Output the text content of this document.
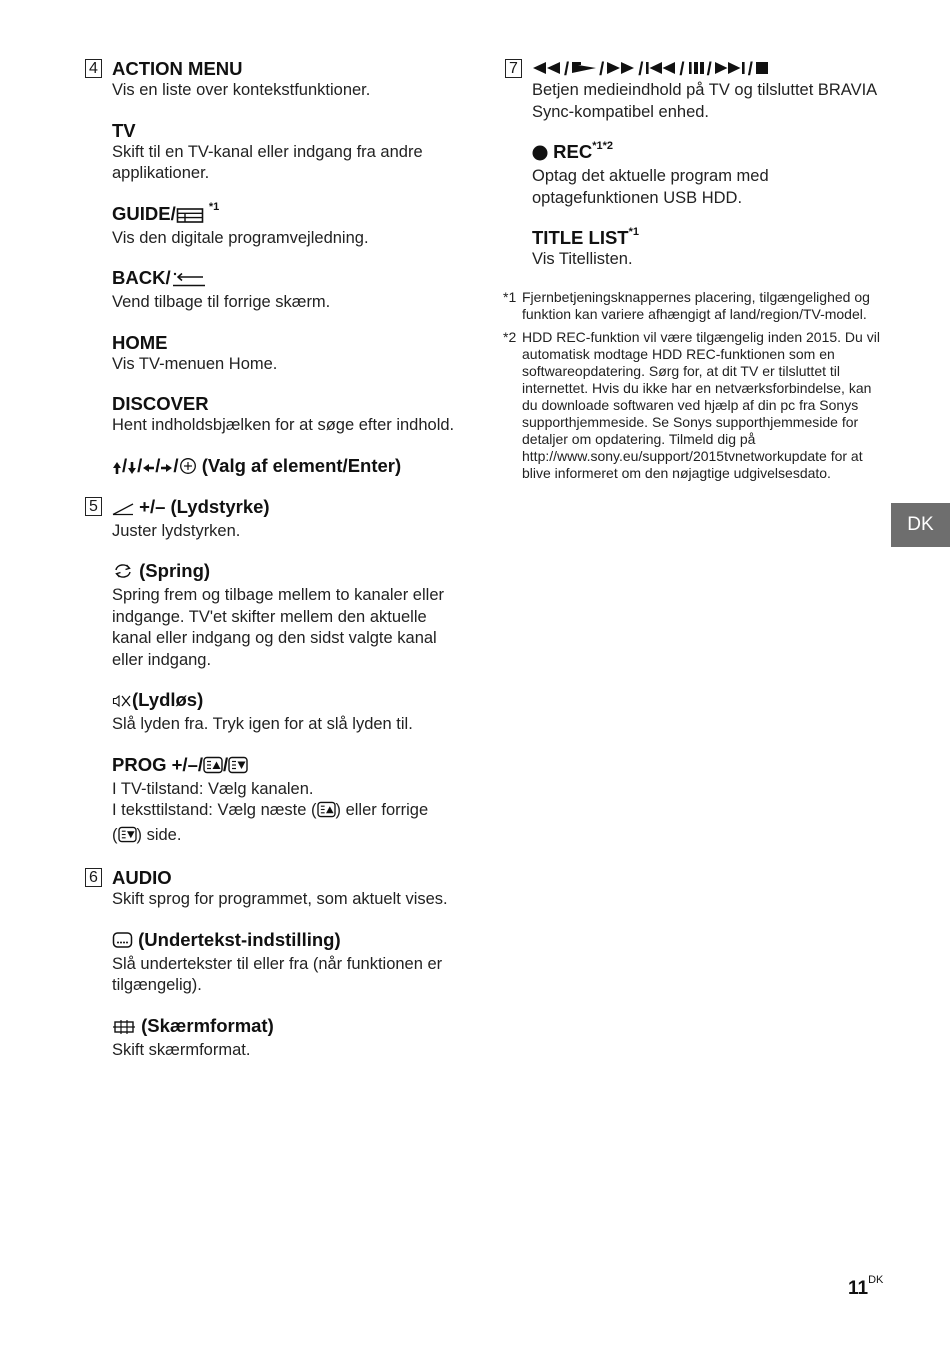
4 ACTION MENU
Vis en liste over kontekstfunktioner.
TV
Skift til en TV-kanal eller indgang fra andre applikationer.
GUIDE/	$^{*1}$
Vis den digitale programvejledning.
BACK/
Vend tilbage til forrige skærm.
HOME
Vis TV-menuen Home.
DISCOVER
Hent indholdsbjælken for at søge efter indhold.
/ / / / (Valg af element/Enter)
5	+/– (Lydstyrke)
Juster lydstyrken.
(Spring)
Spring frem og tilbage mellem to kanaler eller indgange. TV'et skifter mellem den aktuelle kanal eller indgang og den sidst valgte kanal eller indgang.
(Lydløs)
Slå lyden fra. Tryk igen for at slå lyden til.
PROG +/–/ /
I TV-tilstand: Vælg kanalen.
I teksttilstand: Vælg næste ( ) eller forrige
( ) side.
6 AUDIO
Skift sprog for programmet, som aktuelt vises.
(Undertekst-indstilling)
Slå undertekster til eller fra (når funktionen er tilgængelig).
(Skærmformat)
Skift skærmformat.
7	/
/
/
/
/
/
Betjen medieindhold på TV og tilsluttet BRAVIA Sync-kompatibel enhed.
$REC^{*1*2}$
Optag det aktuelle program med optagefunktionen USB HDD.
TITLE LIST$^{*1}$
Vis Titellisten.
*1 Fjernbetjeningsknappernes placering, tilgængelighed og funktion kan variere afhængigt af land/region/TV-model.
*2 HDD REC-funktion vil være tilgængelig inden 2015. Du vil automatisk modtage HDD REC-funktionen som en softwareopdatering. Sørg for, at dit TV er tilsluttet til internettet. Hvis du ikke har en netværksforbindelse, kan du downloade softwaren ved hjælp af din pc fra Sonys supporthjemmeside. Se Sonys supporthjemmeside for detaljer om opdatering. Tilmeld dig på http://www.sony.eu/support/2015tvnetworkupdate for at blive informeret om den nøjagtige udgivelsesdato.
DK
$11^{DK}$
